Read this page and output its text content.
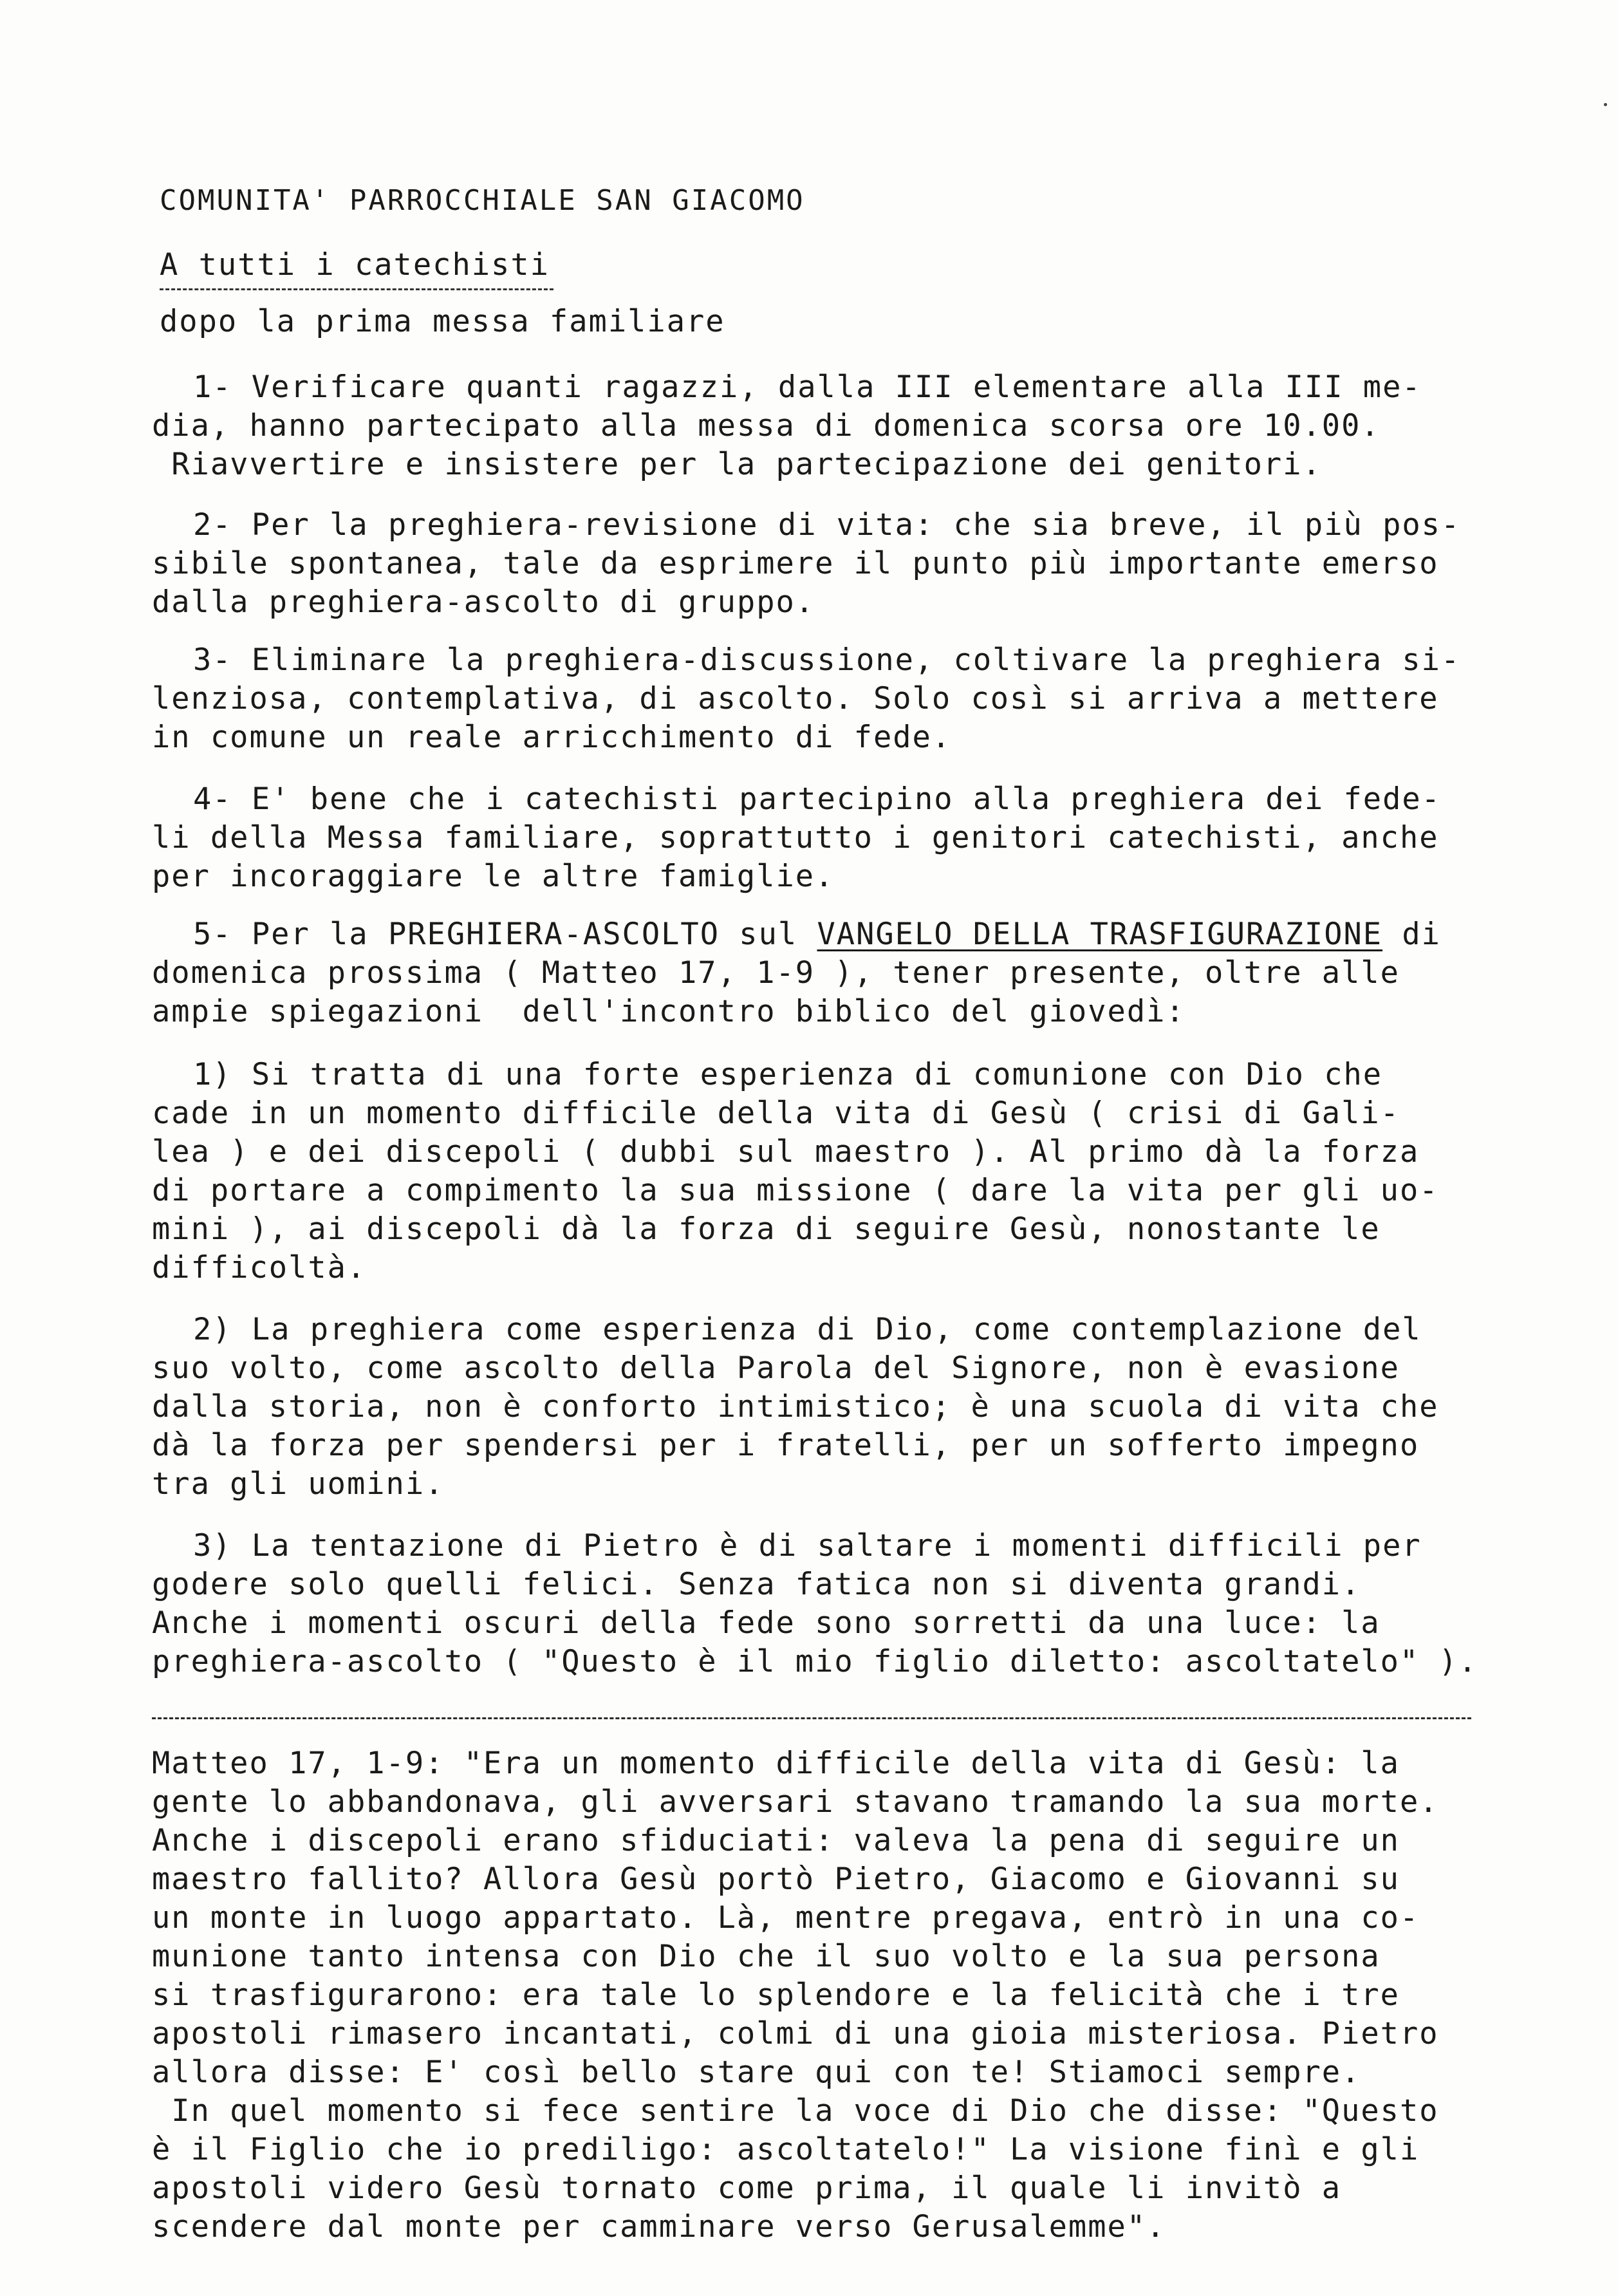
COMUNITA' PARROCCHIALE SAN GIACOMO
A tutti i catechisti
dopo la prima messa familiare
1- Verificare quanti ragazzi, dalla III elementare alla III me-
dia, hanno partecipato alla messa di domenica scorsa ore 10.00.
Riavvertire e insistere per la partecipazione dei genitori.
2- Per la preghiera-revisione di vita: che sia breve, il più pos-
sibile spontanea, tale da esprimere il punto più importante emerso
dalla preghiera-ascolto di gruppo.
3- Eliminare la preghiera-discussione, coltivare la preghiera si-
lenziosa, contemplativa, di ascolto. Solo così si arriva a mettere
in comune un reale arricchimento di fede.
4- E' bene che i catechisti partecipino alla preghiera dei fede-
li della Messa familiare, soprattutto i genitori catechisti, anche
per incoraggiare le altre famiglie.
5- Per la PREGHIERA-ASCOLTO sul VANGELO DELLA TRASFIGURAZIONE di
domenica prossima ( Matteo 17, 1-9 ), tener presente, oltre alle
ampie spiegazioni  dell'incontro biblico del giovedì:
1) Si tratta di una forte esperienza di comunione con Dio che
cade in un momento difficile della vita di Gesù ( crisi di Gali-
lea ) e dei discepoli ( dubbi sul maestro ). Al primo dà la forza
di portare a compimento la sua missione ( dare la vita per gli uo-
mini ), ai discepoli dà la forza di seguire Gesù, nonostante le
difficoltà.
2) La preghiera come esperienza di Dio, come contemplazione del
suo volto, come ascolto della Parola del Signore, non è evasione
dalla storia, non è conforto intimistico; è una scuola di vita che
dà la forza per spendersi per i fratelli, per un sofferto impegno
tra gli uomini.
3) La tentazione di Pietro è di saltare i momenti difficili per
godere solo quelli felici. Senza fatica non si diventa grandi.
Anche i momenti oscuri della fede sono sorretti da una luce: la
preghiera-ascolto ( "Questo è il mio figlio diletto: ascoltatelo" ).
Matteo 17, 1-9: "Era un momento difficile della vita di Gesù: la
gente lo abbandonava, gli avversari stavano tramando la sua morte.
Anche i discepoli erano sfiduciati: valeva la pena di seguire un
maestro fallito? Allora Gesù portò Pietro, Giacomo e Giovanni su
un monte in luogo appartato. Là, mentre pregava, entrò in una co-
munione tanto intensa con Dio che il suo volto e la sua persona
si trasfigurarono: era tale lo splendore e la felicità che i tre
apostoli rimasero incantati, colmi di una gioia misteriosa. Pietro
allora disse: E' così bello stare qui con te! Stiamoci sempre.
In quel momento si fece sentire la voce di Dio che disse: "Questo
è il Figlio che io prediligo: ascoltatelo!" La visione finì e gli
apostoli videro Gesù tornato come prima, il quale li invitò a
scendere dal monte per camminare verso Gerusalemme".
